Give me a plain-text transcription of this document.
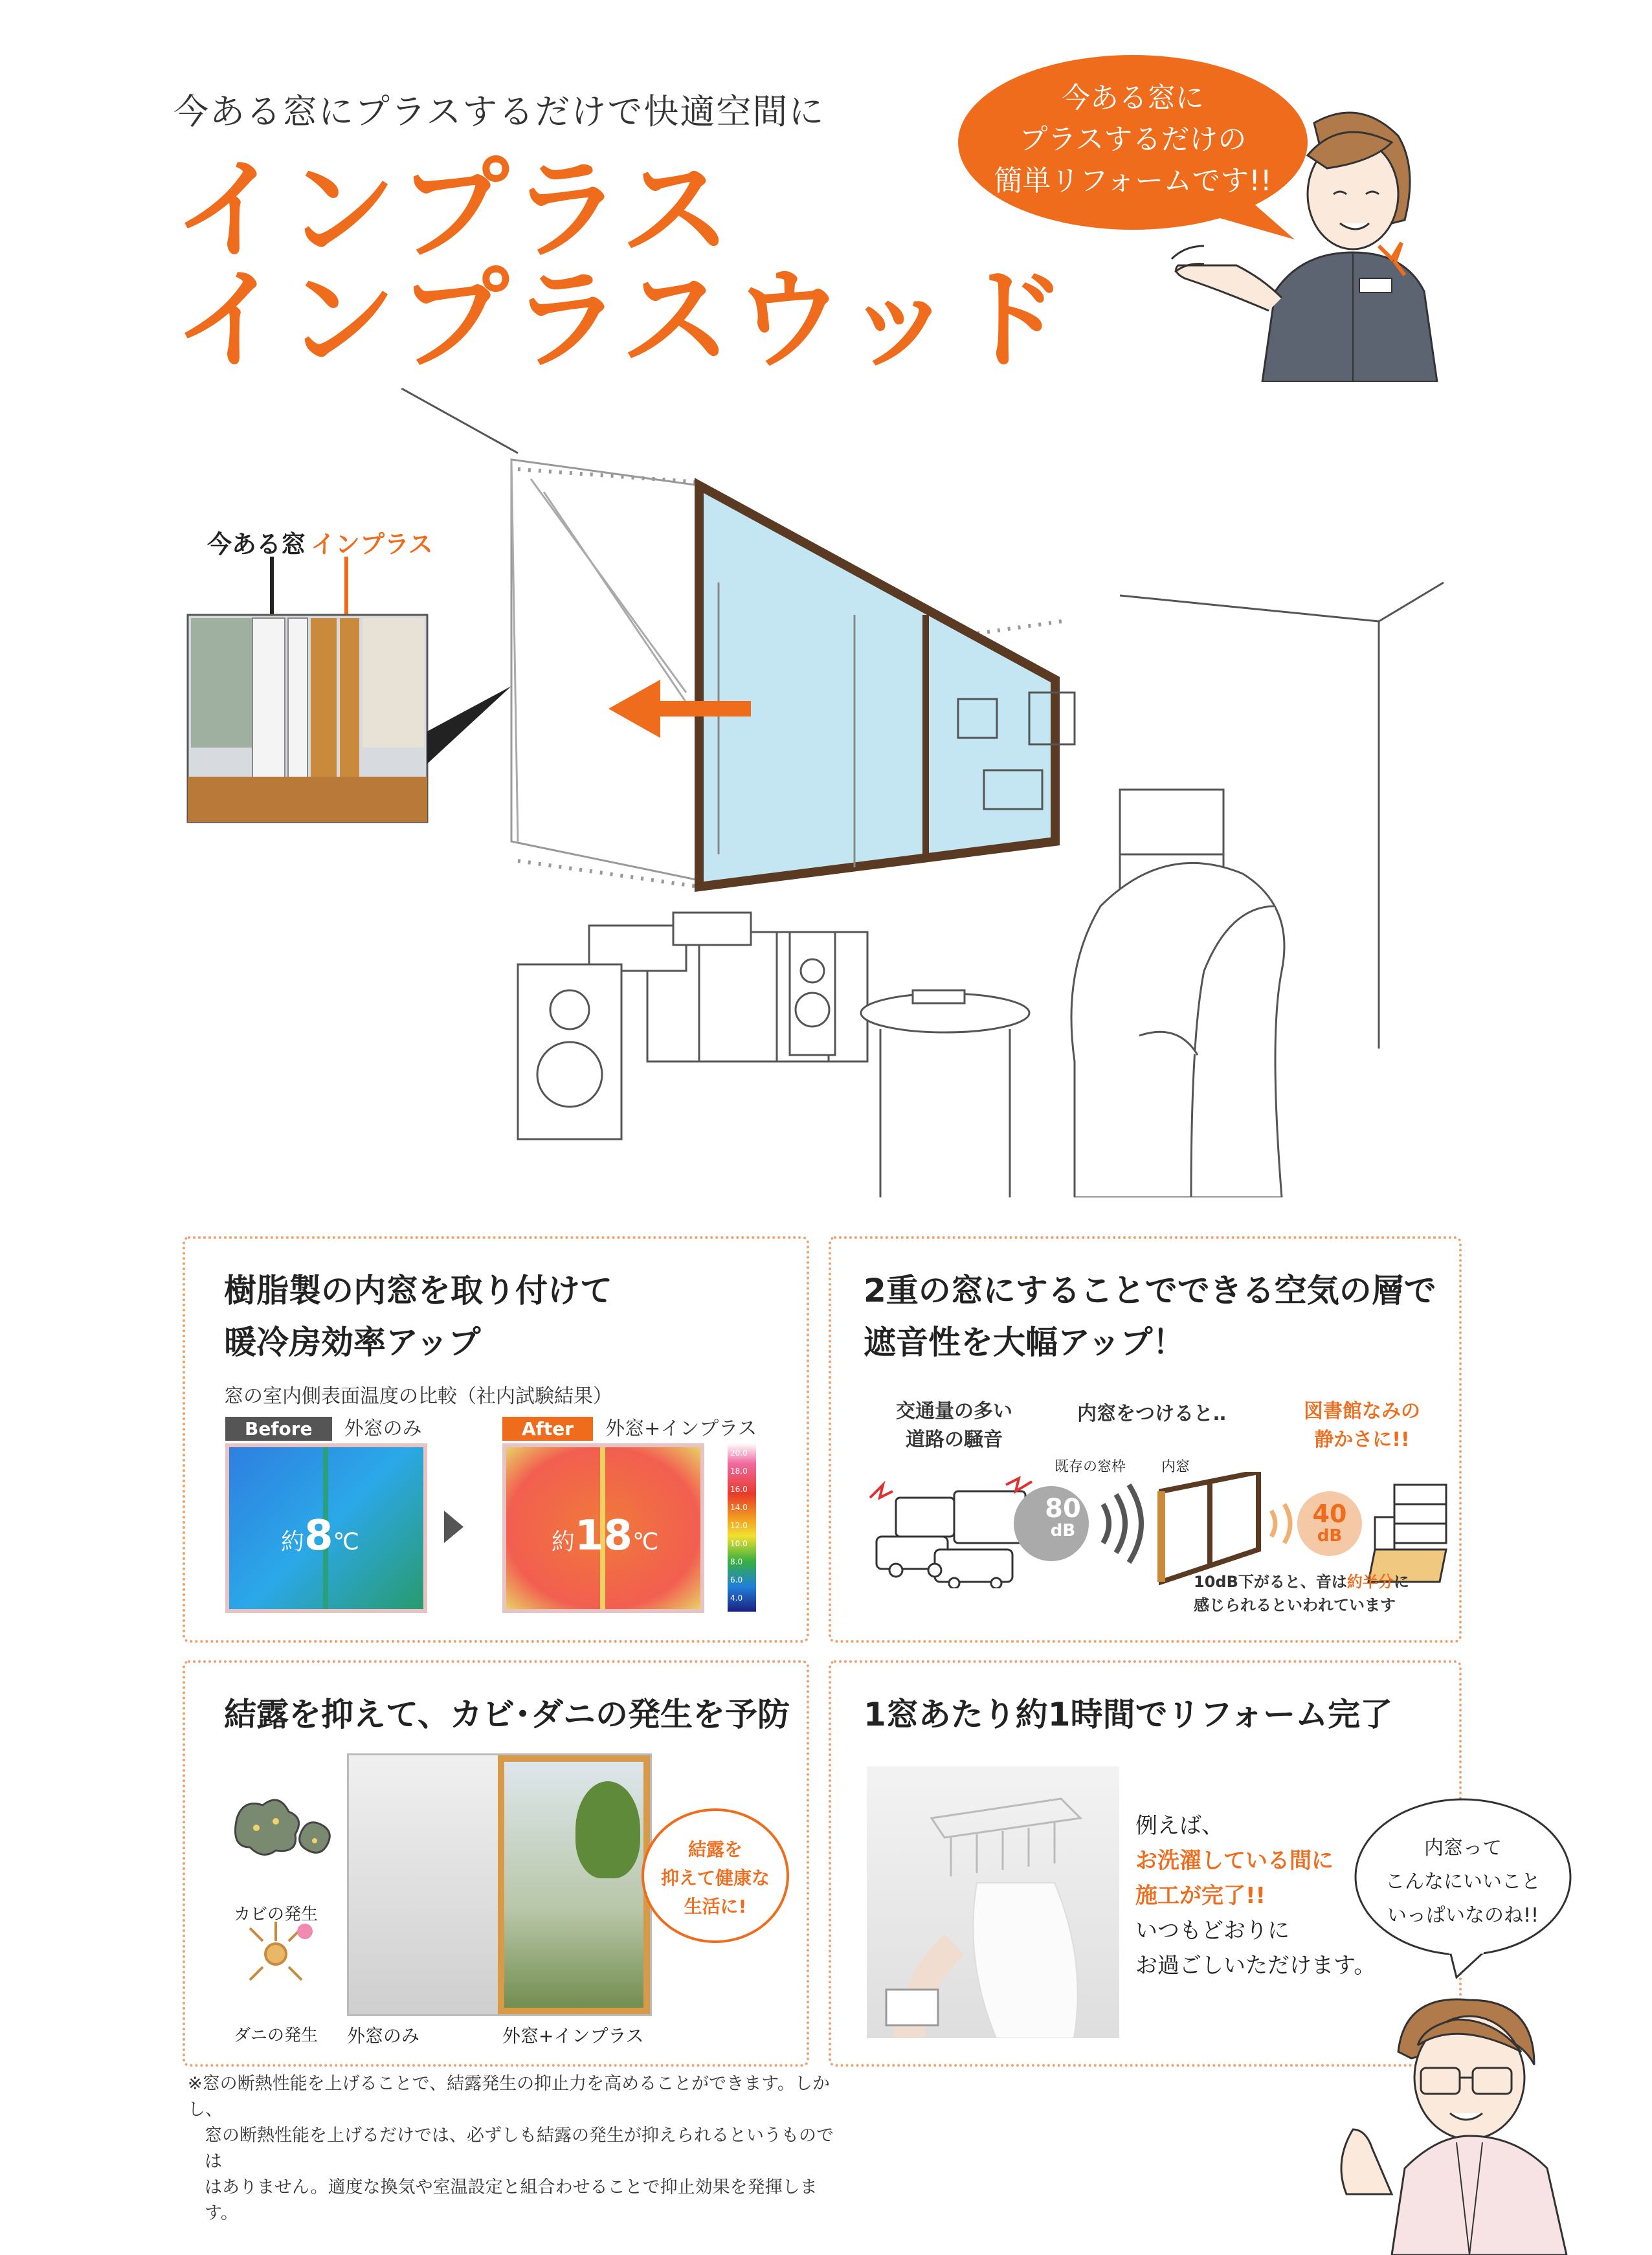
今ある窓にプラスするだけで快適空間に
インプラス
インプラスウッド
今ある窓に
プラスするだけの
簡単リフォームです!!
今ある窓 インプラス
樹脂製の内窓を取り付けて
暖冷房効率アップ
窓の室内側表面温度の比較（社内試験結果）
Before 外窓のみ	After 外窓+インプラス
約8℃	約18℃
20.0
18.0
16.0
14.0
12.0
10.0
8.0
6.0
4.0
2重の窓にすることでできる空気の層で
遮音性を大幅アップ！
交通量の多い
道路の騒音
内窓をつけると‥	図書館なみの
静かさに!!
既存の窓枠 内窓
80
dB
40
dB
10dB下がると、音は約半分に
感じられるといわれています
結露を抑えて、カビ･ダニの発生を予防
カビの発生
ダニの発生 外窓のみ	外窓+インプラス
結露を
抑えて健康な
生活に!
1窓あたり約1時間でリフォーム完了
例えば、
お洗濯している間に
施工が完了!!
いつもどおりに
お過ごしいただけます。
内窓って
こんなにいいこと
いっぱいなのね!!
※窓の断熱性能を上げることで、結露発生の抑止力を高めることができます。しかし、
窓の断熱性能を上げるだけでは、必ずしも結露の発生が抑えられるというものでは
はありません。適度な換気や室温設定と組合わせることで抑止効果を発揮します。
